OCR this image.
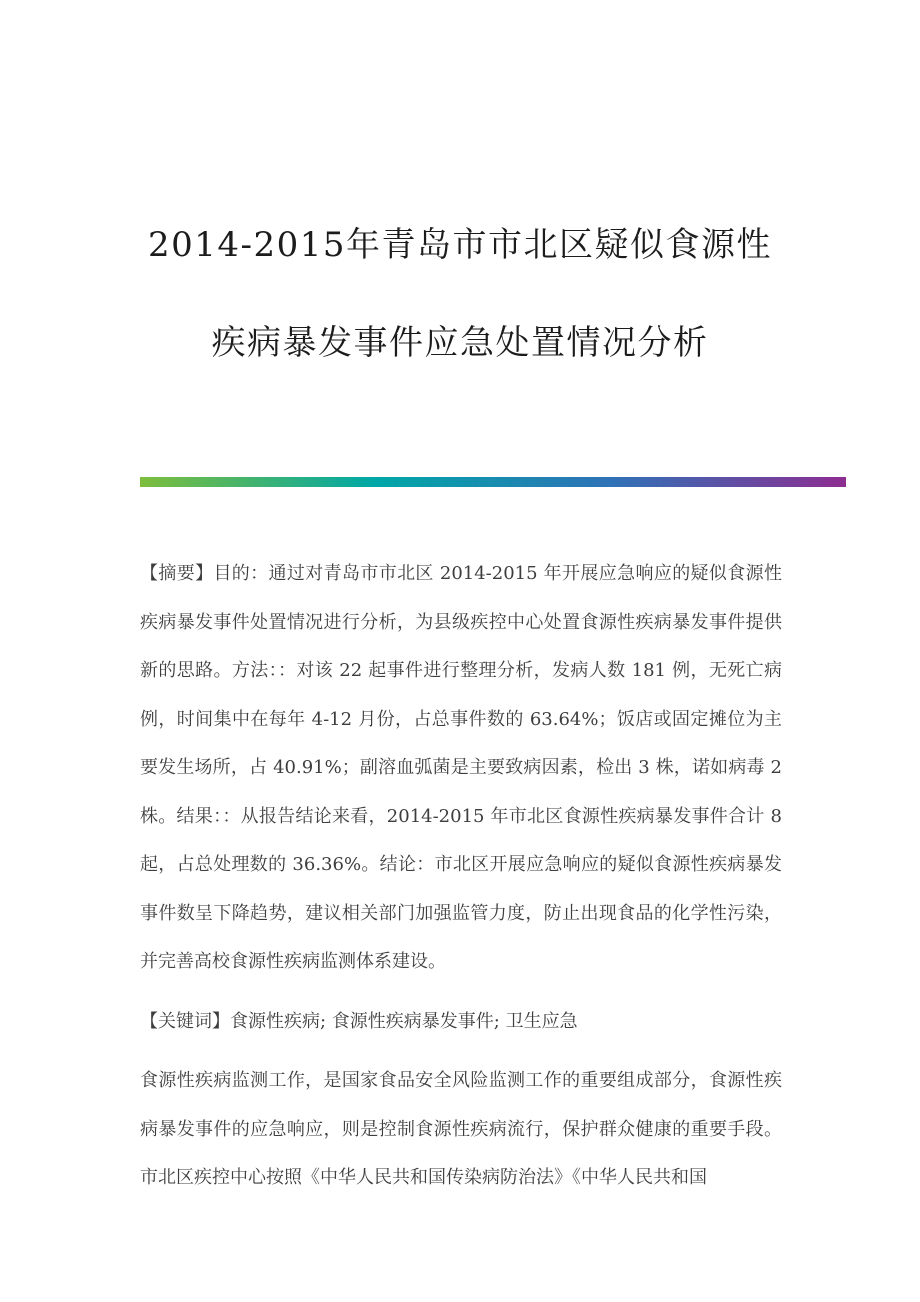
2014-2015年青岛市市北区疑似食源性
疾病暴发事件应急处置情况分析

【摘要】目的：通过对青岛市市北区 2014-2015 年开展应急响应的疑似食源性疾病暴发事件处置情况进行分析，为县级疾控中心处置食源性疾病暴发事件提供新的思路。方法：：对该 22 起事件进行整理分析，发病人数 181 例，无死亡病例，时间集中在每年 4-12 月份，占总事件数的 63.64%；饭店或固定摊位为主要发生场所，占 40.91%；副溶血弧菌是主要致病因素，检出 3 株，诺如病毒 2 株。结果：：从报告结论来看，2014-2015 年市北区食源性疾病暴发事件合计 8 起，占总处理数的 36.36%。结论：市北区开展应急响应的疑似食源性疾病暴发事件数呈下降趋势，建议相关部门加强监管力度，防止出现食品的化学性污染，并完善高校食源性疾病监测体系建设。

【关键词】食源性疾病; 食源性疾病暴发事件; 卫生应急

食源性疾病监测工作，是国家食品安全风险监测工作的重要组成部分，食源性疾病暴发事件的应急响应，则是控制食源性疾病流行，保护群众健康的重要手段。市北区疾控中心按照《中华人民共和国传染病防治法》《中华人民共和国
